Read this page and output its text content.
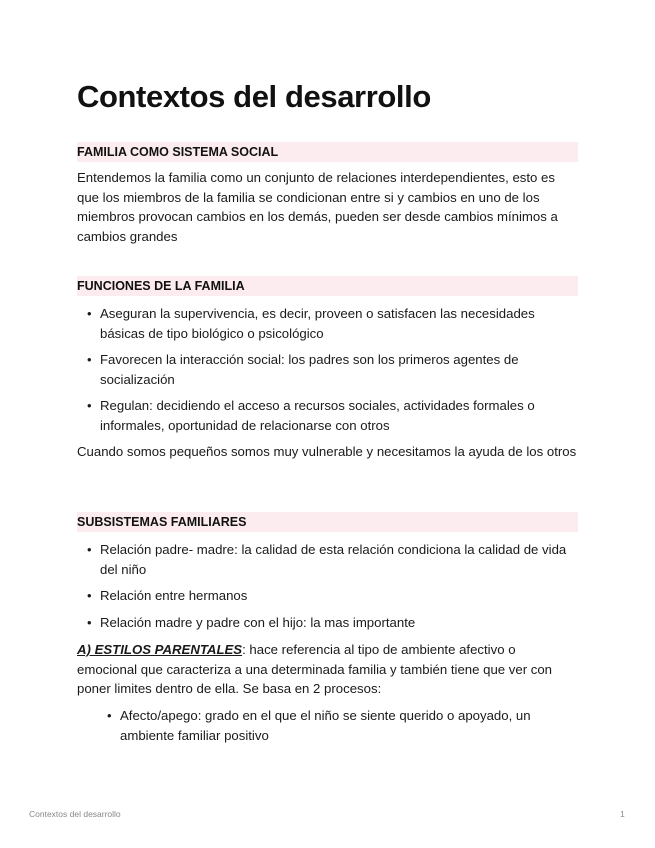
Contextos del desarrollo
FAMILIA COMO SISTEMA SOCIAL

Entendemos la familia como un conjunto de relaciones interdependientes, esto es que los miembros de la familia se condicionan entre si y cambios en uno de los miembros provocan cambios en los demás, pueden ser desde cambios mínimos a cambios grandes

FUNCIONES DE LA FAMILIA
• Aseguran la supervivencia, es decir, proveen o satisfacen las necesidades básicas de tipo biológico o psicológico
• Favorecen la interacción social: los padres son los primeros agentes de socialización
• Regulan: decidiendo el acceso a recursos sociales, actividades formales o informales, oportunidad de relacionarse con otros

Cuando somos pequeños somos muy vulnerable y necesitamos la ayuda de los otros

SUBSISTEMAS FAMILIARES
• Relación padre- madre: la calidad de esta relación condiciona la calidad de vida del niño
• Relación entre hermanos
• Relación madre y padre con el hijo: la mas importante

A) ESTILOS PARENTALES: hace referencia al tipo de ambiente afectivo o emocional que caracteriza a una determinada familia y también tiene que ver con poner limites dentro de ella. Se basa en 2 procesos:

• Afecto/apego: grado en el que el niño se siente querido o apoyado, un ambiente familiar positivo
Contextos del desarrollo	1
